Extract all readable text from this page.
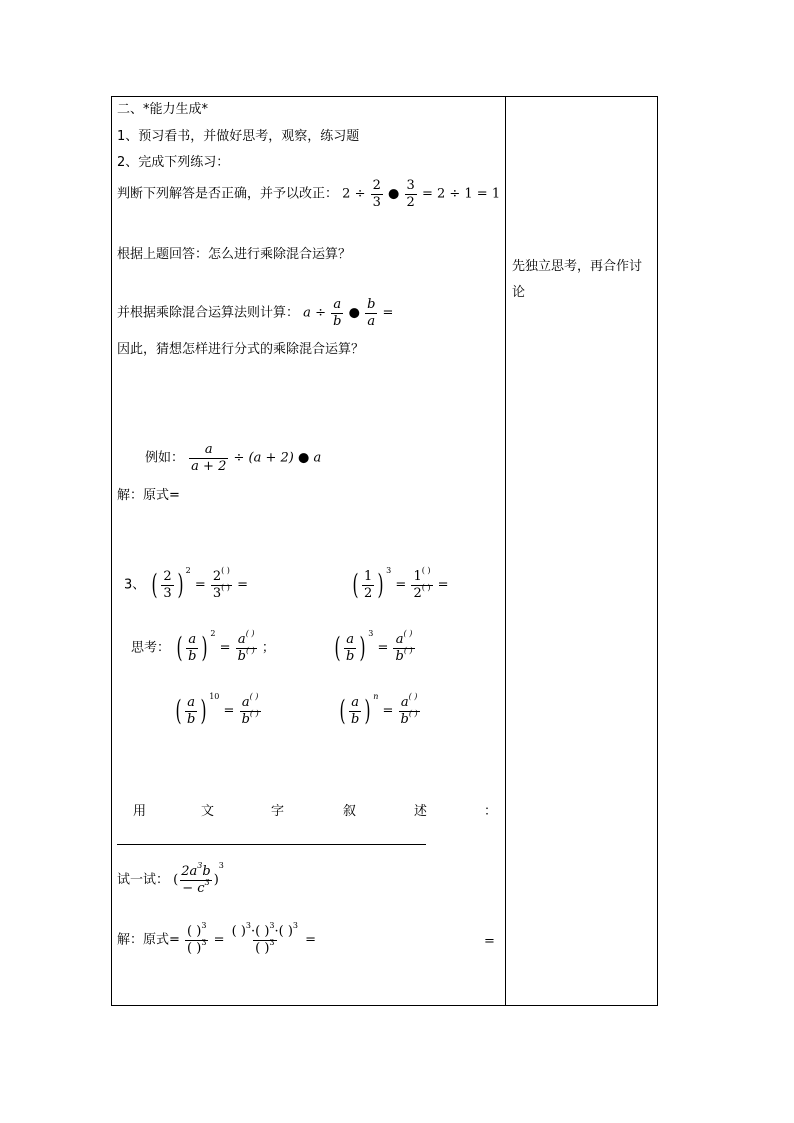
二、*能力生成*
1、预习看书，并做好思考，观察，练习题
2、完成下列练习：
判断下列解答是否正确，并予以改正： $2 \div \frac{2}{3}$ ● $\frac{3}{2} = 2 \div 1 = 1$
根据上题回答：怎么进行乘除混合运算？
并根据乘除混合运算法则计算： $a \div \frac{a}{b}$ ● $\frac{b}{a}$ =
因此，猜想怎样进行分式的乘除混合运算？
例如： $\frac{a}{a + 2} \div (a + 2)$ ● a
解：原式=
3、 ( $\frac{2}{3}$ ) $^2 = \frac{2^{( )}}{3^{( )}}$ =	( $\frac{1}{2}$ ) $^3 = \frac{1^{( )}}{2^{( )}}$ =
思考： ( $\frac{a}{b}$ ) $^2 = \frac{a^{( )}}{b^{( )}}$ ； ( $\frac{a}{b}$ ) $^3 = \frac{a^{( )}}{b^{( )}}$
( $\frac{a}{b}$ ) $^{10} = \frac{a^{( )}}{b^{( )}}$	( $\frac{a}{b}$ ) $^n = \frac{a^{( )}}{b^{( )}}$
用	文	字	叙	述	：
试一试： ( $\frac{2a^3b}{- c^3} )^3$
解：原式= $\frac{( )^3}{( )^3} = \frac{( )^3\cdot( )^3\cdot( )^3}{( )^3}$ =	=
先独立思考，再合作讨
论
